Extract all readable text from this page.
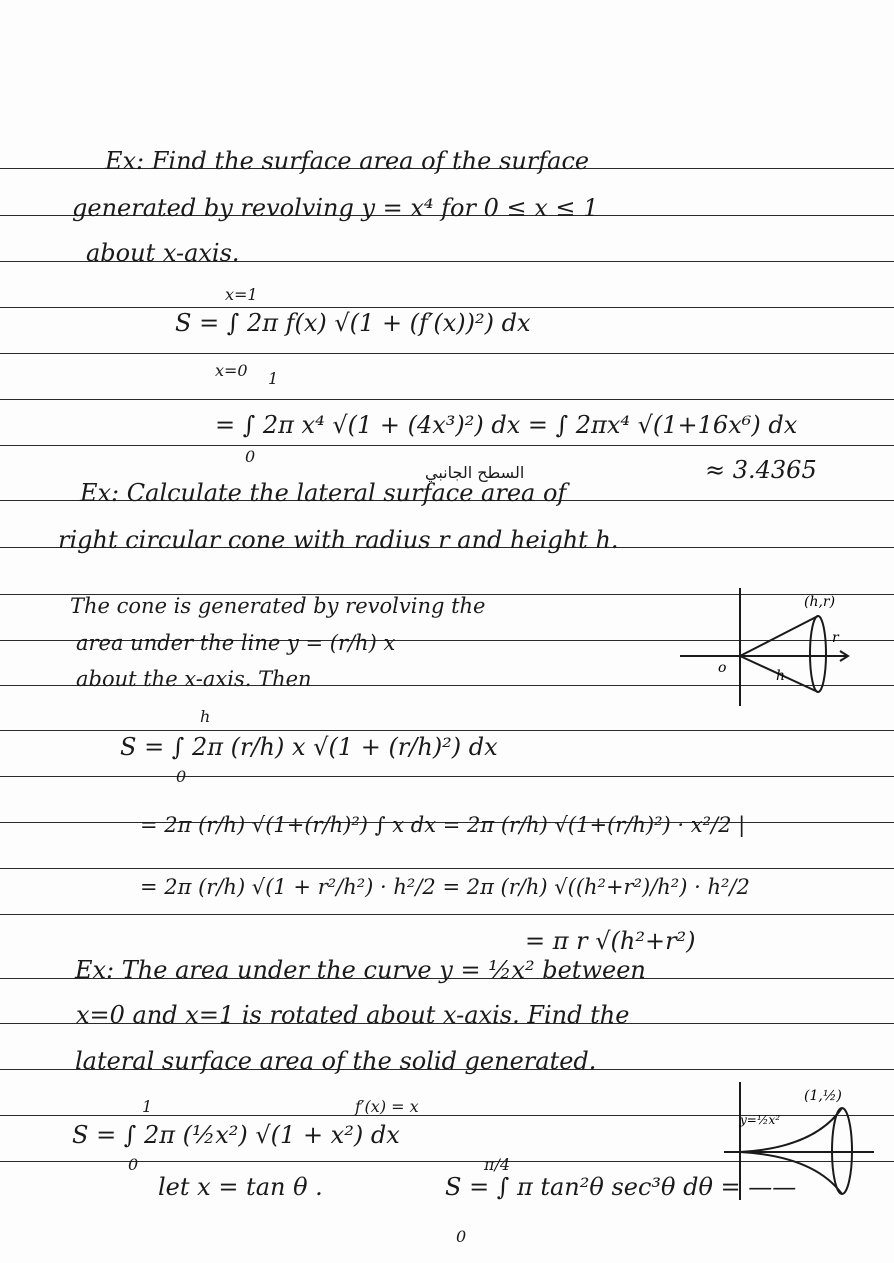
Ex: Find the surface area of the surface
generated by revolving y = x⁴ for 0 ≤ x ≤ 1
about x-axis.
x=1
S = ∫ 2π f(x) √(1 + (f′(x))²) dx
x=0 1
= ∫ 2π x⁴ √(1 + (4x³)²) dx = ∫ 2πx⁴ √(1+16x⁶) dx
0	≈ 3.4365
السطح الجانبي
Ex: Calculate the lateral surface area of
right circular cone with radius r and height h.
The cone is generated by revolving the
area under the line y = (r/h) x
about the x-axis. Then
(h,r)
r
h
o
h
S = ∫ 2π (r/h) x √(1 + (r/h)²) dx
0
= 2π (r/h) √(1+(r/h)²) ∫ x dx = 2π (r/h) √(1+(r/h)²) · x²/2 |
= 2π (r/h) √(1 + r²/h²) · h²/2 = 2π (r/h) √((h²+r²)/h²) · h²/2
= π r √(h²+r²)
Ex: The area under the curve y = ½x² between
x=0 and x=1 is rotated about x-axis. Find the
lateral surface area of the solid generated.
f′(x) = x
1
S = ∫ 2π (½x²) √(1 + x²) dx
0	π/4
let x = tan θ .	S = ∫ π tan²θ sec³θ dθ = ——
0
y=½x²
(1,½)
